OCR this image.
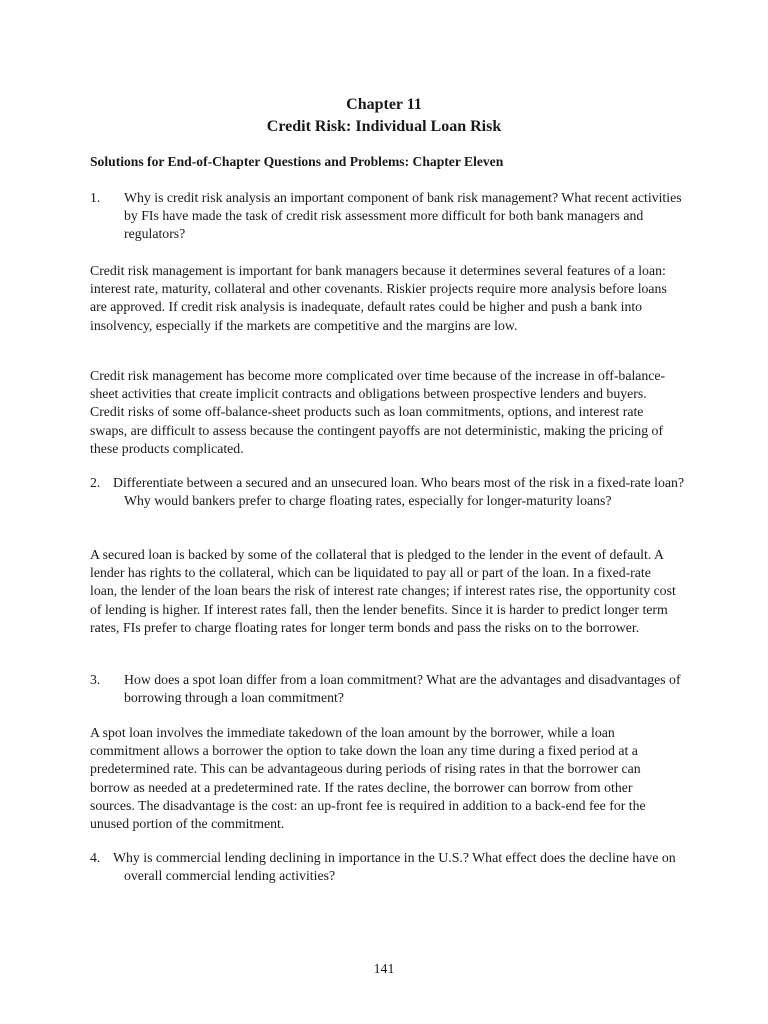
Chapter 11
Credit Risk: Individual Loan Risk

Solutions for End-of-Chapter Questions and Problems: Chapter Eleven

1. Why is credit risk analysis an important component of bank risk management? What recent activities by FIs have made the task of credit risk assessment more difficult for both bank managers and regulators?

Credit risk management is important for bank managers because it determines several features of a loan: interest rate, maturity, collateral and other covenants. Riskier projects require more analysis before loans are approved. If credit risk analysis is inadequate, default rates could be higher and push a bank into insolvency, especially if the markets are competitive and the margins are low.

Credit risk management has become more complicated over time because of the increase in off-balance-sheet activities that create implicit contracts and obligations between prospective lenders and buyers. Credit risks of some off-balance-sheet products such as loan commitments, options, and interest rate swaps, are difficult to assess because the contingent payoffs are not deterministic, making the pricing of these products complicated.

2. Differentiate between a secured and an unsecured loan. Who bears most of the risk in a fixed-rate loan? Why would bankers prefer to charge floating rates, especially for longer-maturity loans?

A secured loan is backed by some of the collateral that is pledged to the lender in the event of default. A lender has rights to the collateral, which can be liquidated to pay all or part of the loan. In a fixed-rate loan, the lender of the loan bears the risk of interest rate changes; if interest rates rise, the opportunity cost of lending is higher. If interest rates fall, then the lender benefits. Since it is harder to predict longer term rates, FIs prefer to charge floating rates for longer term bonds and pass the risks on to the borrower.

3. How does a spot loan differ from a loan commitment? What are the advantages and disadvantages of borrowing through a loan commitment?

A spot loan involves the immediate takedown of the loan amount by the borrower, while a loan commitment allows a borrower the option to take down the loan any time during a fixed period at a predetermined rate. This can be advantageous during periods of rising rates in that the borrower can borrow as needed at a predetermined rate. If the rates decline, the borrower can borrow from other sources. The disadvantage is the cost: an up-front fee is required in addition to a back-end fee for the unused portion of the commitment.

4. Why is commercial lending declining in importance in the U.S.? What effect does the decline have on overall commercial lending activities?

141
